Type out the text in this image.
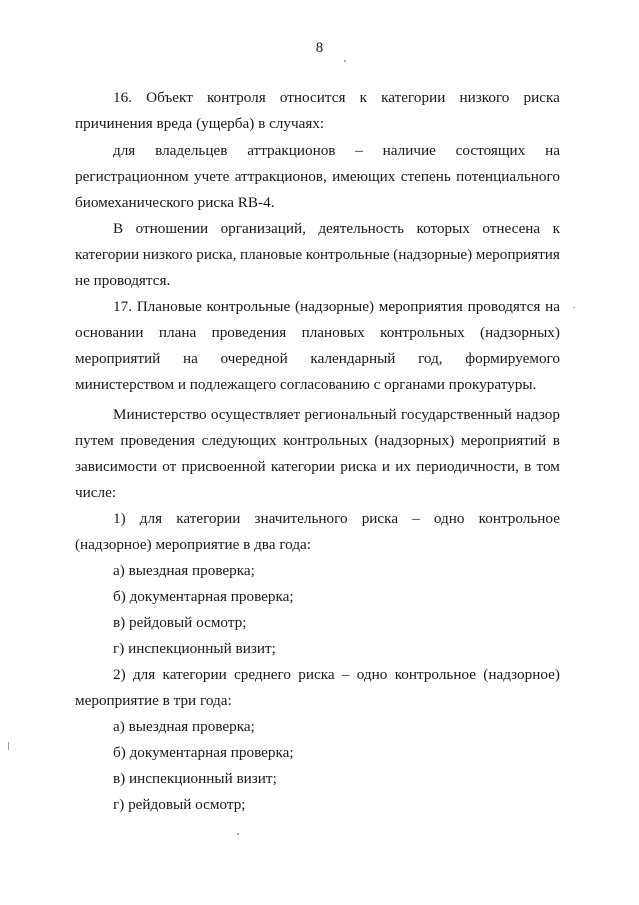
8
16. Объект контроля относится к категории низкого риска
причинения вреда (ущерба) в случаях:
для владельцев аттракционов – наличие состоящих на
регистрационном учете аттракционов, имеющих степень потенциального
биомеханического риска RB-4.
В отношении организаций, деятельность которых отнесена к
категории низкого риска, плановые контрольные (надзорные) мероприятия
не проводятся.
17. Плановые контрольные (надзорные) мероприятия проводятся на
основании плана проведения плановых контрольных (надзорных)
мероприятий на очередной календарный год, формируемого
министерством и подлежащего согласованию с органами прокуратуры.
Министерство осуществляет региональный государственный надзор
путем проведения следующих контрольных (надзорных) мероприятий в
зависимости от присвоенной категории риска и их периодичности, в том
числе:
1) для категории значительного риска – одно контрольное
(надзорное) мероприятие в два года:
а) выездная проверка;
б) документарная проверка;
в) рейдовый осмотр;
г) инспекционный визит;
2) для категории среднего риска – одно контрольное (надзорное)
мероприятие в три года:
а) выездная проверка;
б) документарная проверка;
в) инспекционный визит;
г) рейдовый осмотр;
